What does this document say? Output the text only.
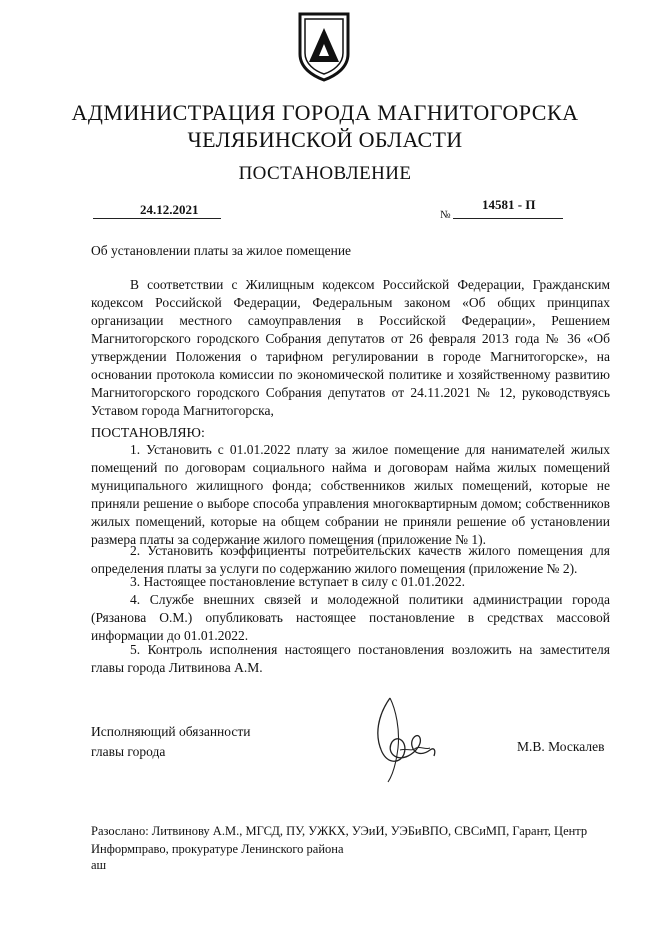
АДМИНИСТРАЦИЯ ГОРОДА МАГНИТОГОРСКА
ЧЕЛЯБИНСКОЙ ОБЛАСТИ
ПОСТАНОВЛЕНИЕ
24.12.2021	№
14581 - П
Об установлении платы за жилое помещение

В соответствии с Жилищным кодексом Российской Федерации, Гражданским кодексом Российской Федерации, Федеральным законом «Об общих принципах организации местного самоуправления в Российской Федерации», Решением Магнитогорского городского Собрания депутатов от 26 февраля 2013 года № 36 «Об утверждении Положения о тарифном регулировании в городе Магнитогорске», на основании протокола комиссии по экономической политике и хозяйственному развитию Магнитогорского городского Собрания депутатов от 24.11.2021 № 12, руководствуясь Уставом города Магнитогорска,

ПОСТАНОВЛЯЮ:

1. Установить с 01.01.2022 плату за жилое помещение для нанимателей жилых помещений по договорам социального найма и договорам найма жилых помещений муниципального жилищного фонда; собственников жилых помещений, которые не приняли решение о выборе способа управления многоквартирным домом; собственников жилых помещений, которые на общем собрании не приняли решение об установлении размера платы за содержание жилого помещения (приложение № 1).

2. Установить коэффициенты потребительских качеств жилого помещения для определения платы за услуги по содержанию жилого помещения (приложение № 2).

3. Настоящее постановление вступает в силу с 01.01.2022.

4. Службе внешних связей и молодежной политики администрации города (Рязанова О.М.) опубликовать настоящее постановление в средствах массовой информации до 01.01.2022.

5. Контроль исполнения настоящего постановления возложить на заместителя главы города Литвинова А.М.

Исполняющий обязанности
главы города	М.В. Москалев
Разослано: Литвинову А.М., МГСД, ПУ, УЖКХ, УЭиИ, УЭБиВПО, СВСиМП, Гарант, Центр Информправо, прокуратуре Ленинского района
аш
